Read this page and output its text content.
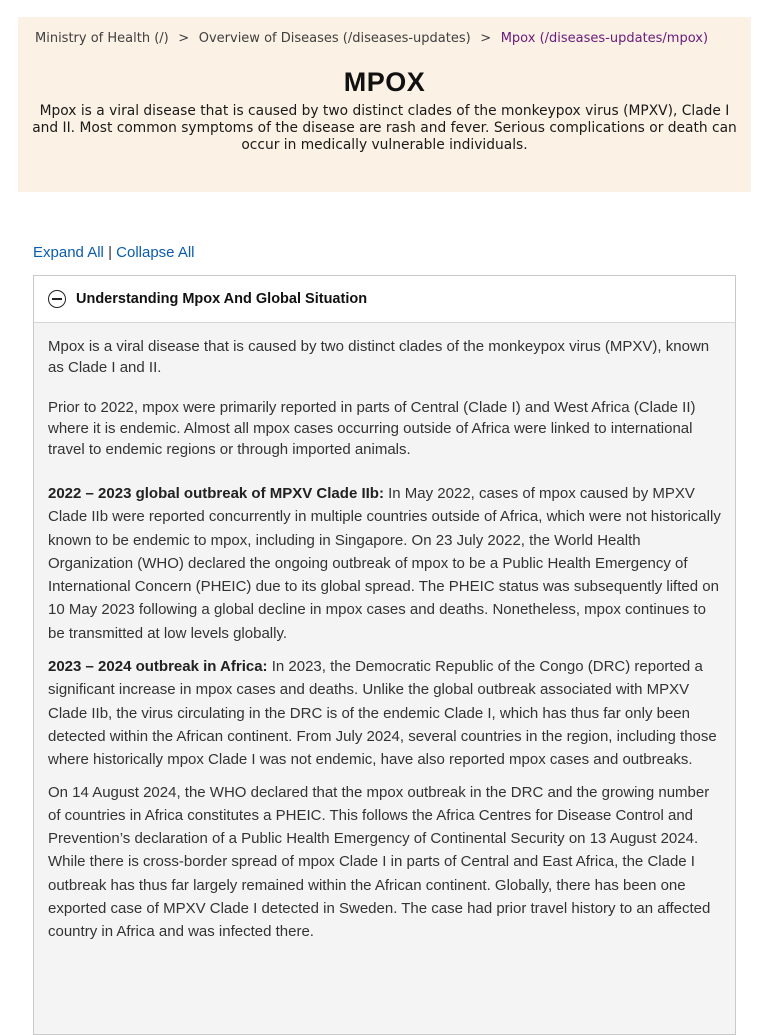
Ministry of Health (/) > Overview of Diseases (/diseases-updates) > Mpox (/diseases-updates/mpox)
MPOX

Mpox is a viral disease that is caused by two distinct clades of the monkeypox virus (MPXV), Clade I and II. Most common symptoms of the disease are rash and fever. Serious complications or death can occur in medically vulnerable individuals.

Expand All | Collapse All
Understanding Mpox And Global Situation

Mpox is a viral disease that is caused by two distinct clades of the monkeypox virus (MPXV), known as Clade I and II.

Prior to 2022, mpox were primarily reported in parts of Central (Clade I) and West Africa (Clade II) where it is endemic. Almost all mpox cases occurring outside of Africa were linked to international travel to endemic regions or through imported animals.

2022 – 2023 global outbreak of MPXV Clade IIb: In May 2022, cases of mpox caused by MPXV Clade IIb were reported concurrently in multiple countries outside of Africa, which were not historically known to be endemic to mpox, including in Singapore. On 23 July 2022, the World Health Organization (WHO) declared the ongoing outbreak of mpox to be a Public Health Emergency of International Concern (PHEIC) due to its global spread. The PHEIC status was subsequently lifted on 10 May 2023 following a global decline in mpox cases and deaths. Nonetheless, mpox continues to be transmitted at low levels globally.

2023 – 2024 outbreak in Africa: In 2023, the Democratic Republic of the Congo (DRC) reported a significant increase in mpox cases and deaths. Unlike the global outbreak associated with MPXV Clade IIb, the virus circulating in the DRC is of the endemic Clade I, which has thus far only been detected within the African continent. From July 2024, several countries in the region, including those where historically mpox Clade I was not endemic, have also reported mpox cases and outbreaks.

On 14 August 2024, the WHO declared that the mpox outbreak in the DRC and the growing number of countries in Africa constitutes a PHEIC. This follows the Africa Centres for Disease Control and Prevention’s declaration of a Public Health Emergency of Continental Security on 13 August 2024. While there is cross-border spread of mpox Clade I in parts of Central and East Africa, the Clade I outbreak has thus far largely remained within the African continent. Globally, there has been one exported case of MPXV Clade I detected in Sweden. The case had prior travel history to an affected country in Africa and was infected there.
